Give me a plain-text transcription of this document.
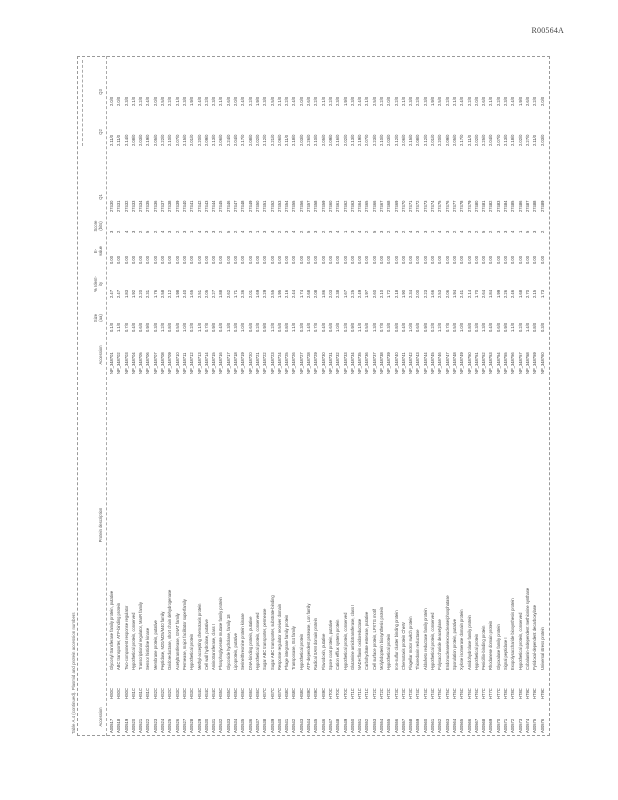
R00564A
Table A.4 (continued). Plasmid and protein accession numbers	Accession
Protein description
Accession
Size
(aa)
% Ident-
ity
E-
value
Score
(bits)
Q1
Q2
Q3
A00517
HS0C
Glycosyl transferase family protein, putative
NP_348701
0.1/0
2.47
0.00
3
27430
2.11/0
2.0/0
A00518
HS0C
ABC transporter, ATP-binding protein
NP_348702
1.1/0
2.47
0.00
2
27431
2.11/0
2.0/0
A00519
HS0C
Two-component response regulator
NP_348703
0.7/0
1.83
0.00
4
27432
2.14/0
2.3/0
A00520
HS1C
Hypothetical protein, conserved
NP_348704
0.4/0
1.92
0.00
3
27433
2.08/0
2.1/0
A00521
HS1C
Transcriptional regulator, MarR family
NP_348705
0.6/0
2.20
0.00
2
27434
2.03/0
2.2/0
A00522
HS1C
Sensor histidine kinase
NP_348706
0.9/0
2.31
0.00
5
27435
2.19/0
2.4/0
A00523
HS2C
Membrane protein, putative
NP_348707
0.3/0
1.76
0.00
2
27436
2.05/0
2.0/0
A00524
HS2C
Peptidase, M20/M25/M40 family
NP_348708
1.2/0
2.58
0.00
4
27437
2.22/0
2.5/0
A00525
HS2C
Oxidoreductase, short chain dehydrogenase
NP_348709
0.8/0
2.12
0.00
3
27438
2.10/0
2.2/0
A00526
HS3C
Acetyltransferase, GNAT family
NP_348710
0.5/0
1.98
0.00
2
27439
2.07/0
2.1/0
A00527
HS3C
Permease, major facilitator superfamily
NP_348711
1.0/0
2.40
0.00
3
27440
2.15/0
2.3/0
A00528
HS3C
Hypothetical protein
NP_348712
0.2/0
1.65
0.00
1
27441
2.01/0
1.9/0
A00529
HS4C
Methyl-accepting chemotaxis protein
NP_348713
1.1/0
2.51
0.00
4
27442
2.20/0
2.4/0
A00530
HS4C
Cell wall hydrolase, putative
NP_348714
0.7/0
2.05
0.00
3
27443
2.09/0
2.2/0
A00531
HS4C
Aminotransferase, class I
NP_348715
0.9/0
2.27
0.00
3
27444
2.13/0
2.3/0
A00532
HS5C
Phosphoglycerate mutase family protein
NP_348716
0.4/0
1.88
0.00
2
27445
2.06/0
2.1/0
A00533
HS5C
Glycoside hydrolase, family 18
NP_348717
1.3/0
2.62
0.00
5
27446
2.24/0
2.6/0
A00534
HS5C
Lipoprotein, putative
NP_348718
0.3/0
1.71
0.00
2
27447
2.04/0
2.0/0
A00535
HS6C
Serine/threonine protein kinase
NP_348719
1.0/0
2.36
0.00
4
27448
2.17/0
2.4/0
A00536
HS6C
DNA-binding protein, putative
NP_348720
0.6/0
2.01
0.00
3
27449
2.08/0
2.2/0
A00537
HS6C
Hypothetical protein, conserved
NP_348721
0.2/0
1.69
0.00
1
27450
2.02/0
1.9/0
A00538
HS7C
Sugar ABC transporter, permease
NP_348722
0.9/0
2.29
0.00
3
27451
2.12/0
2.3/0
A00539
HS7C
Sugar ABC transporter, substrate-binding
NP_348723
1.2/0
2.55
0.00
4
27452
2.21/0
2.5/0
A00540
HS7C
Response regulator receiver domain
NP_348724
0.5/0
1.95
0.00
2
27453
2.06/0
2.1/0
A00541
HS8C
Phage integrase family protein
NP_348725
0.8/0
2.16
0.00
3
27454
2.11/0
2.2/0
A00542
HS8C
Transposase, IS4 family
NP_348726
1.1/0
2.44
0.00
4
27455
2.18/0
2.4/0
A00543
HS8C
Hypothetical protein
NP_348727
0.3/0
1.74
0.00
2
27456
2.03/0
2.0/0
A00544
HS9C
ATP-dependent protease, Lon family
NP_348728
1.4/0
2.68
0.00
5
27457
2.26/0
2.6/0
A00545
HS9C
Radical SAM domain protein
NP_348729
0.7/0
2.08
0.00
3
27458
2.10/0
2.2/0
A00546
HS9C
Flavodoxin, putative
NP_348730
0.4/0
1.86
0.00
2
27459
2.05/0
2.1/0
A00547
HT0C
Spore coat protein, putative
NP_348731
0.6/0
2.03
0.00
3
27460
2.09/0
2.2/0
A00548
HT0C
Cation efflux system protein
NP_348732
1.0/0
2.38
0.00
4
27461
2.16/0
2.3/0
A00549
HT0C
Hypothetical protein, conserved
NP_348733
0.2/0
1.67
0.00
1
27462
2.02/0
1.9/0
A00550
HT1C
Glutamine amidotransferase, class I
NP_348734
0.9/0
2.25
0.00
3
27463
2.13/0
2.3/0
A00551
HT1C
NADH:flavin oxidoreductase
NP_348735
1.1/0
2.49
0.00
4
27464
2.19/0
2.4/0
A00552
HT1C
Carbohydrate esterase, putative
NP_348736
0.5/0
1.97
0.00
2
27465
2.07/0
2.1/0
A00553
HT2C
Cell surface protein, LPXTG motif
NP_348737
1.3/0
2.60
0.00
5
27466
2.23/0
2.5/0
A00554
HT2C
Molybdopterin biosynthesis protein
NP_348738
0.7/0
2.10
0.00
3
27467
2.10/0
2.2/0
A00555
HT2C
Hypothetical protein
NP_348739
0.3/0
1.72
0.00
2
27468
2.03/0
2.0/0
A00556
HT3C
Iron-sulfur cluster binding protein
NP_348740
0.8/0
2.18
0.00
3
27469
2.12/0
2.2/0
A00557
HT3C
Chemotaxis protein CheW
NP_348741
0.4/0
1.90
0.00
2
27470
2.06/0
2.1/0
A00558
HT3C
Flagellar motor switch protein
NP_348742
1.0/0
2.34
0.00
4
27471
2.15/0
2.3/0
A00559
HT4C
Thioredoxin reductase
NP_348743
0.6/0
2.00
0.00
3
27472
2.08/0
2.2/0
A00560
HT4C
Aldo/keto reductase family protein
NP_348744
0.9/0
2.23
0.00
3
27473
2.12/0
2.3/0
A00561
HT4C
Hypothetical protein, conserved
NP_348745
0.2/0
1.66
0.00
1
27474
2.01/0
1.9/0
A00562
HT5C
Polysaccharide deacetylase
NP_348746
1.2/0
2.53
0.00
4
27475
2.20/0
2.5/0
A00563
HT5C
Endonuclease/exonuclease/phosphatase
NP_348747
0.7/0
2.06
0.00
3
27476
2.09/0
2.2/0
A00564
HT5C
Sporulation protein, putative
NP_348748
0.5/0
1.94
0.00
2
27477
2.05/0
2.1/0
A00565
HT6C
Xylose isomerase domain protein
NP_348749
1.0/0
2.41
0.00
4
27478
2.17/0
2.4/0
A00566
HT6C
Amidohydrolase family protein
NP_348750
0.8/0
2.14
0.00
3
27479
2.11/0
2.2/0
A00567
HT6C
Hypothetical protein
NP_348751
0.3/0
1.70
0.00
2
27480
2.02/0
2.0/0
A00568
HT7C
Penicillin-binding protein
NP_348752
1.3/0
2.64
0.00
5
27481
2.25/0
2.6/0
A00569
HT7C
Rhodanese domain protein
NP_348753
0.4/0
1.84
0.00
2
27482
2.04/0
2.1/0
A00570
HT7C
Glyoxalase family protein
NP_348754
0.6/0
1.99
0.00
3
27483
2.07/0
2.2/0
A00571
HT8C
Signal peptidase I
NP_348755
0.9/0
2.26
0.00
3
27484
2.13/0
2.3/0
A00572
HT8C
Exopolysaccharide biosynthesis protein
NP_348756
1.1/0
2.46
0.00
4
27485
2.18/0
2.4/0
A00573
HT8C
Hypothetical protein, conserved
NP_348757
0.2/0
1.68
0.00
1
27486
2.02/0
1.9/0
A00574
HT9C
Cobalamin-independent methionine synthase
NP_348758
1.4/0
2.70
0.00
5
27487
2.27/0
2.6/0
A00575
HT9C
Pyridoxal-dependent decarboxylase
NP_348759
0.8/0
2.15
0.00
3
27488
2.11/0
2.2/0
A00576
HT9C
Universal stress protein
NP_348760
0.3/0
1.73
0.00
2
27489
2.03/0
2.0/0
